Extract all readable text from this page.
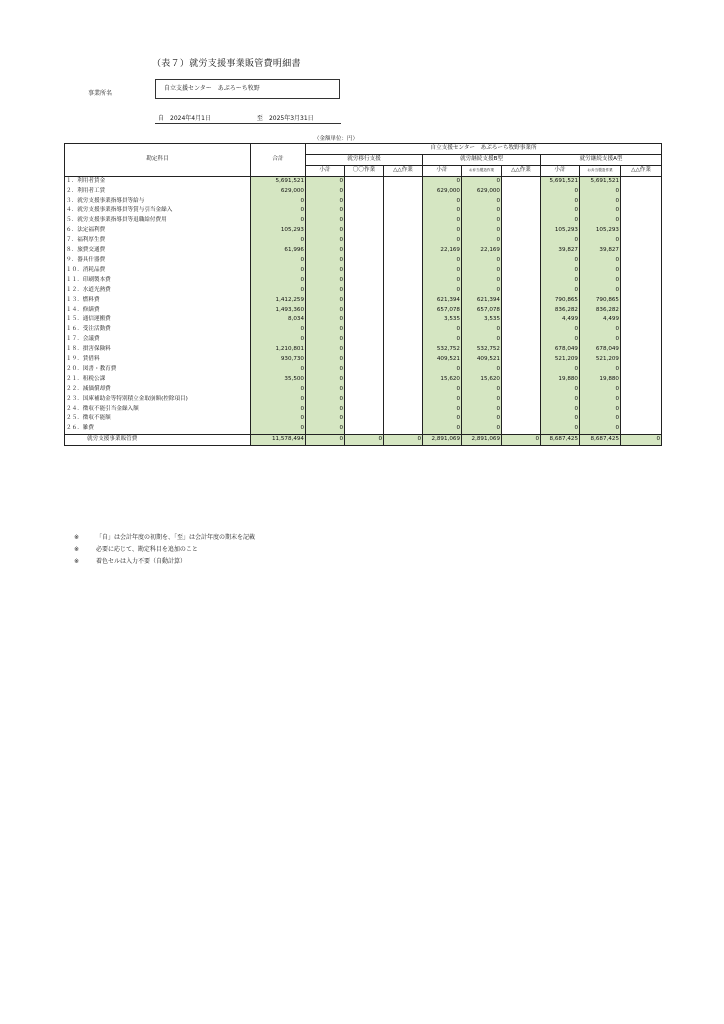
（表７）就労支援事業販管費明細書
事業所名
自立支援センター　あぷろーち牧野
自 2024年4月1日	至 2025年3月31日
（金額単位：円）
勘定科目	合計	自立支援センター　あぷろーち牧野事業所								
		就労移行支援			就労継続支援B型			就労継続支援A型		
		小計	〇〇作業	△△作業	小計	お弁当製造作業	△△作業	小計	お弁当製造作業	△△作業
１．利用者賃金	5,691,521	0			0	0		5,691,521	5,691,521	
２．利用者工賃	629,000	0			629,000	629,000		0	0	
３．就労支援事業指導員等給与	0	0			0	0		0	0	
４．就労支援事業指導員等賞与引当金繰入	0	0			0	0		0	0	
５．就労支援事業指導員等退職給付費用	0	0			0	0		0	0	
６．法定福利費	105,293	0			0	0		105,293	105,293	
７．福利厚生費	0	0			0	0		0	0	
８．旅費交通費	61,996	0			22,169	22,169		39,827	39,827	
９．器具什器費	0	0			0	0		0	0	
１０．消耗品費	0	0			0	0		0	0	
１１．印刷製本費	0	0			0	0		0	0	
１２．水道光熱費	0	0			0	0		0	0	
１３．燃料費	1,412,259	0			621,394	621,394		790,865	790,865	
１４．修繕費	1,493,360	0			657,078	657,078		836,282	836,282	
１５．通信運搬費	8,034	0			3,535	3,535		4,499	4,499	
１６．受注活動費	0	0			0	0		0	0	
１７．会議費	0	0			0	0		0	0	
１８．損害保険料	1,210,801	0			532,752	532,752		678,049	678,049	
１９．賃借料	930,730	0			409,521	409,521		521,209	521,209	
２０．図書・教育費	0	0			0	0		0	0	
２１．租税公課	35,500	0			15,620	15,620		19,880	19,880	
２２．減価償却費	0	0			0	0		0	0	
２３．国庫補助金等特別積立金取崩額(控除項目)	0	0			0	0		0	0	
２４．徴収不能引当金繰入額	0	0			0	0		0	0	
２５．徴収不能額	0	0			0	0		0	0	
２６．雑費	0	0			0	0		0	0	
就労支援事業販管費	11,578,494	0	0	0	2,891,069	2,891,069	0	8,687,425	8,687,425	0
※	「自」は会計年度の初期を、「至」は会計年度の期末を記載
※	必要に応じて、勘定科目を追加のこと
※	着色セルは入力不要（自動計算）
